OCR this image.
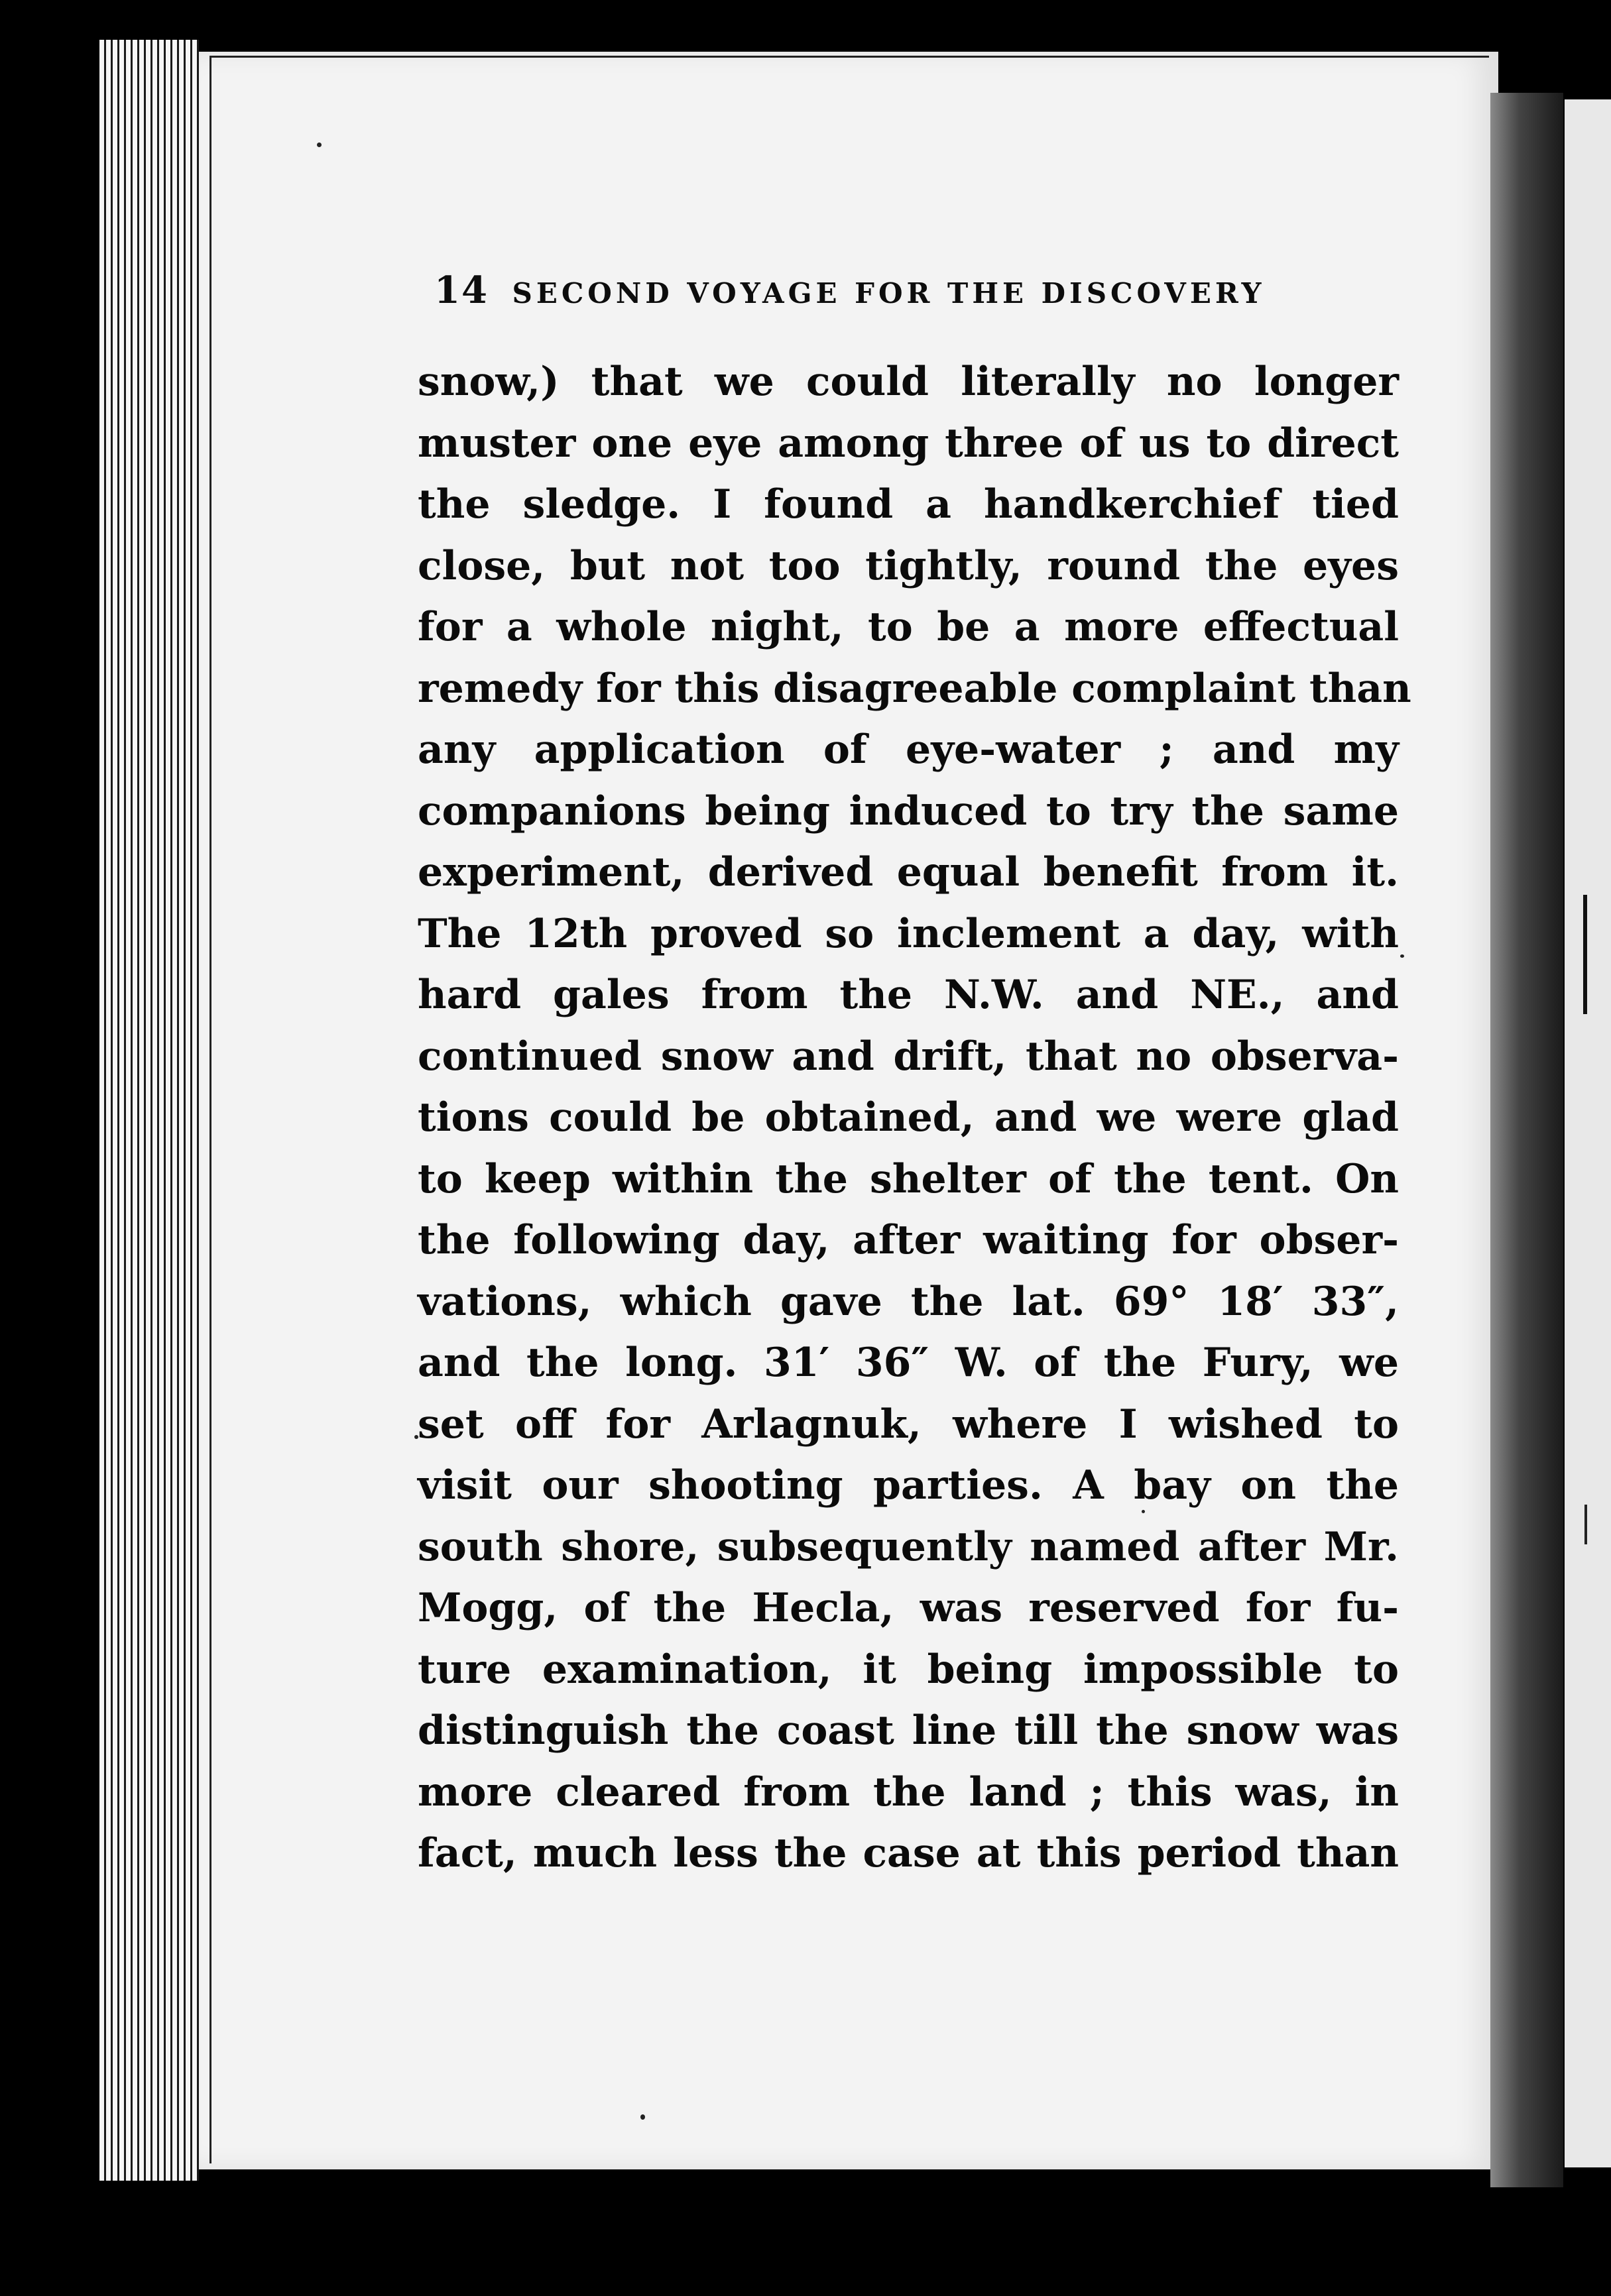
14 SECOND VOYAGE FOR THE DISCOVERY
snow,) that we could literally no longer
muster one eye among three of us to direct
the sledge. I found a handkerchief tied
close, but not too tightly, round the eyes
for a whole night, to be a more effectual
remedy for this disagreeable complaint than
any application of eye-water ; and my
companions being induced to try the same
experiment, derived equal benefit from it.
The 12th proved so inclement a day, with
hard gales from the N.W. and NE., and
continued snow and drift, that no observa-
tions could be obtained, and we were glad
to keep within the shelter of the tent. On
the following day, after waiting for obser-
vations, which gave the lat. 69° 18′ 33″,
and the long. 31′ 36″ W. of the Fury, we
set off for Arlagnuk, where I wished to
visit our shooting parties. A bay on the
south shore, subsequently named after Mr.
Mogg, of the Hecla, was reserved for fu-
ture examination, it being impossible to
distinguish the coast line till the snow was
more cleared from the land ; this was, in
fact, much less the case at this period than
